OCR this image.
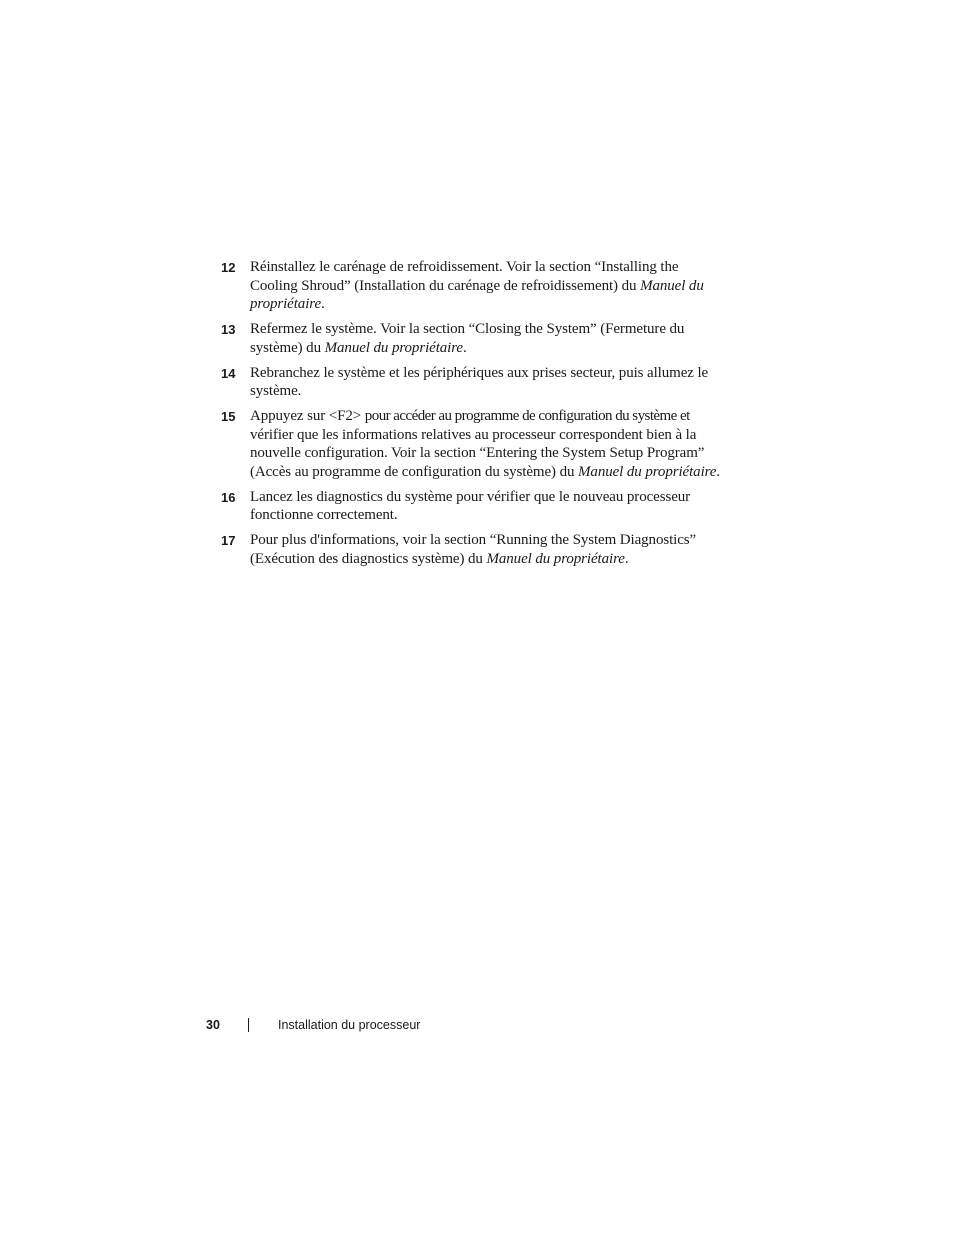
12 Réinstallez le carénage de refroidissement. Voir la section “Installing the Cooling Shroud” (Installation du carénage de refroidissement) du Manuel du propriétaire.
13 Refermez le système. Voir la section “Closing the System” (Fermeture du système) du Manuel du propriétaire.
14 Rebranchez le système et les périphériques aux prises secteur, puis allumez le système.
15 Appuyez sur <F2> pour accéder au programme de configuration du système et vérifier que les informations relatives au processeur correspondent bien à la nouvelle configuration. Voir la section “Entering the System Setup Program” (Accès au programme de configuration du système) du Manuel du propriétaire.
16 Lancez les diagnostics du système pour vérifier que le nouveau processeur fonctionne correctement.
17 Pour plus d'informations, voir la section “Running the System Diagnostics” (Exécution des diagnostics système) du Manuel du propriétaire.
30	Installation du processeur
